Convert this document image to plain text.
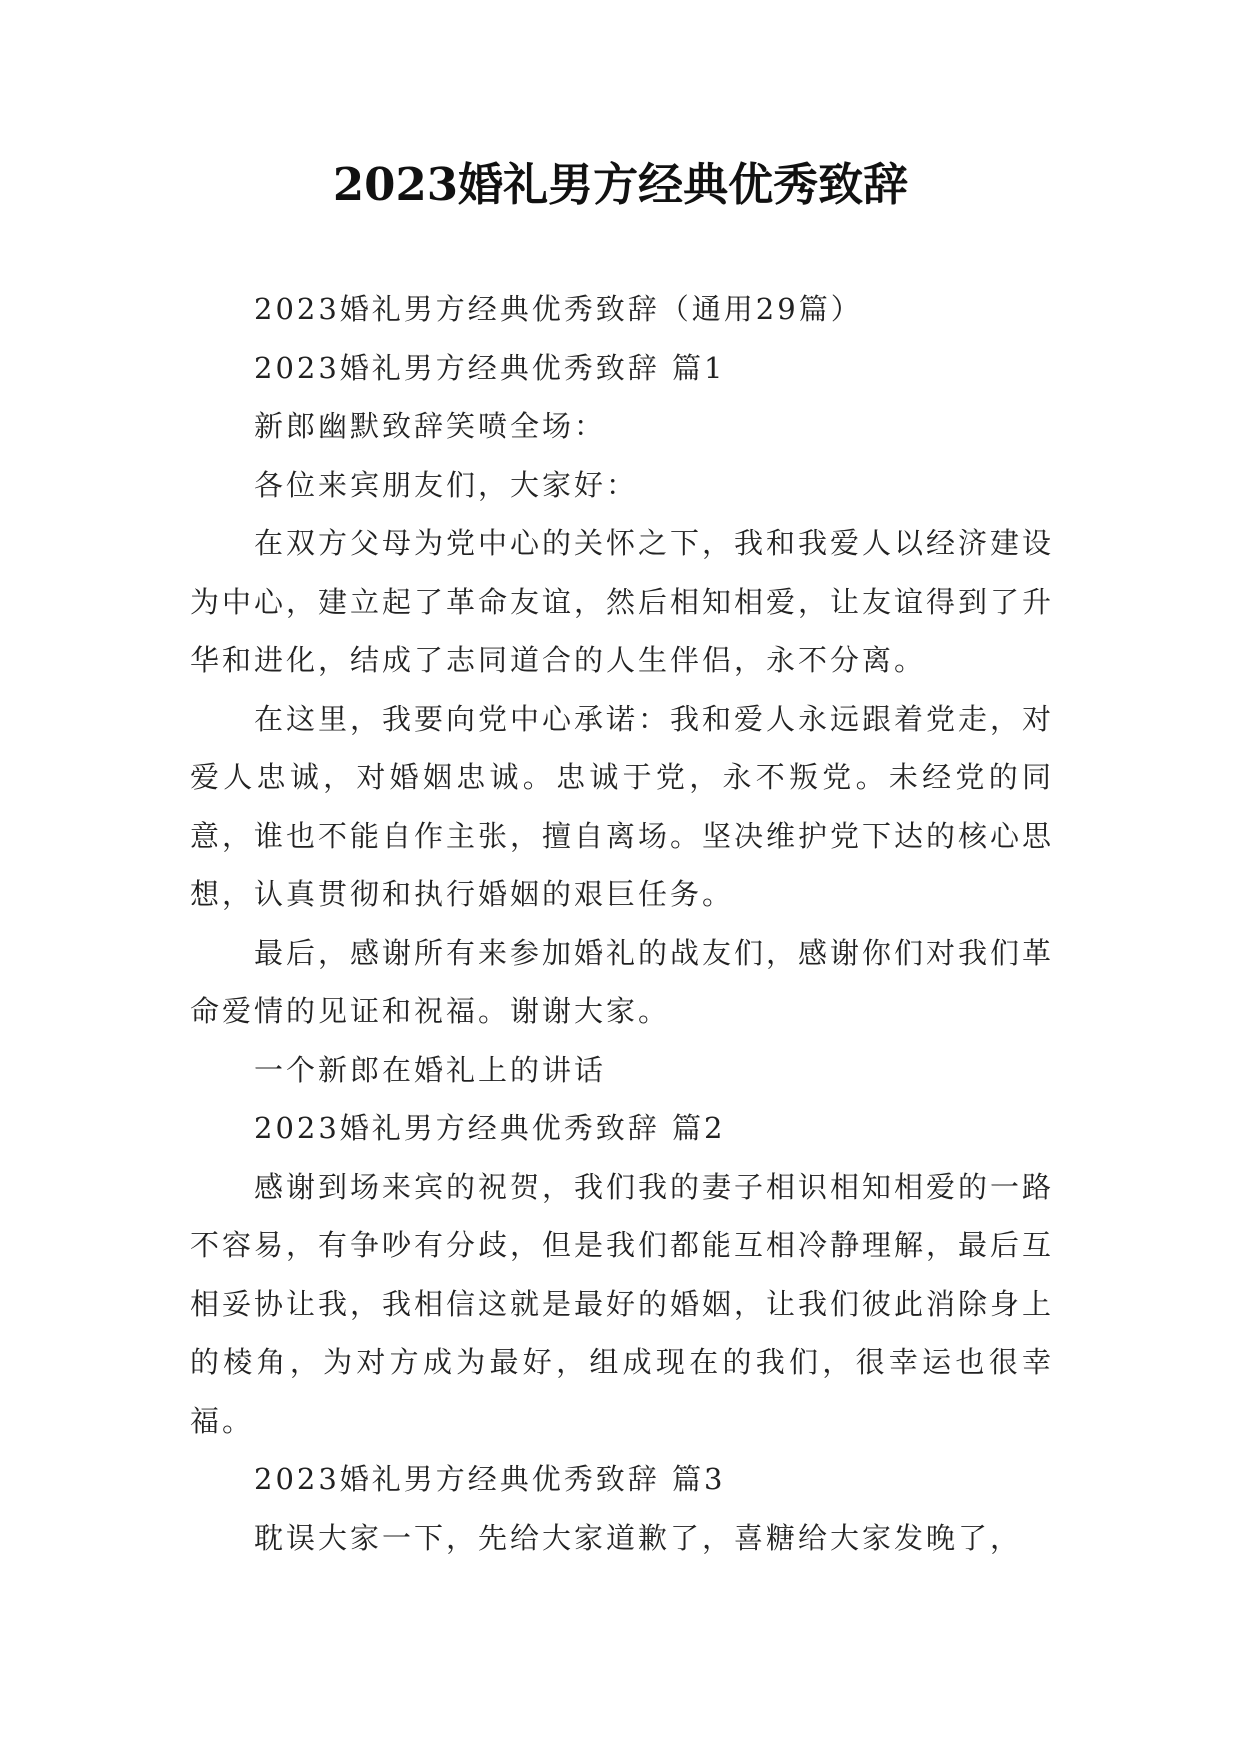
2023婚礼男方经典优秀致辞

2023婚礼男方经典优秀致辞（通用29篇）

2023婚礼男方经典优秀致辞 篇1

新郎幽默致辞笑喷全场：

各位来宾朋友们，大家好：

在双方父母为党中心的关怀之下，我和我爱人以经济建设为中心，建立起了革命友谊，然后相知相爱，让友谊得到了升华和进化，结成了志同道合的人生伴侣，永不分离。

在这里，我要向党中心承诺：我和爱人永远跟着党走，对爱人忠诚，对婚姻忠诚。忠诚于党，永不叛党。未经党的同意，谁也不能自作主张，擅自离场。坚决维护党下达的核心思想，认真贯彻和执行婚姻的艰巨任务。

最后，感谢所有来参加婚礼的战友们，感谢你们对我们革命爱情的见证和祝福。谢谢大家。

一个新郎在婚礼上的讲话

2023婚礼男方经典优秀致辞 篇2

感谢到场来宾的祝贺，我们我的妻子相识相知相爱的一路不容易，有争吵有分歧，但是我们都能互相冷静理解，最后互相妥协让我，我相信这就是最好的婚姻，让我们彼此消除身上的棱角，为对方成为最好，组成现在的我们，很幸运也很幸福。

2023婚礼男方经典优秀致辞 篇3

耽误大家一下，先给大家道歉了，喜糖给大家发晚了，
